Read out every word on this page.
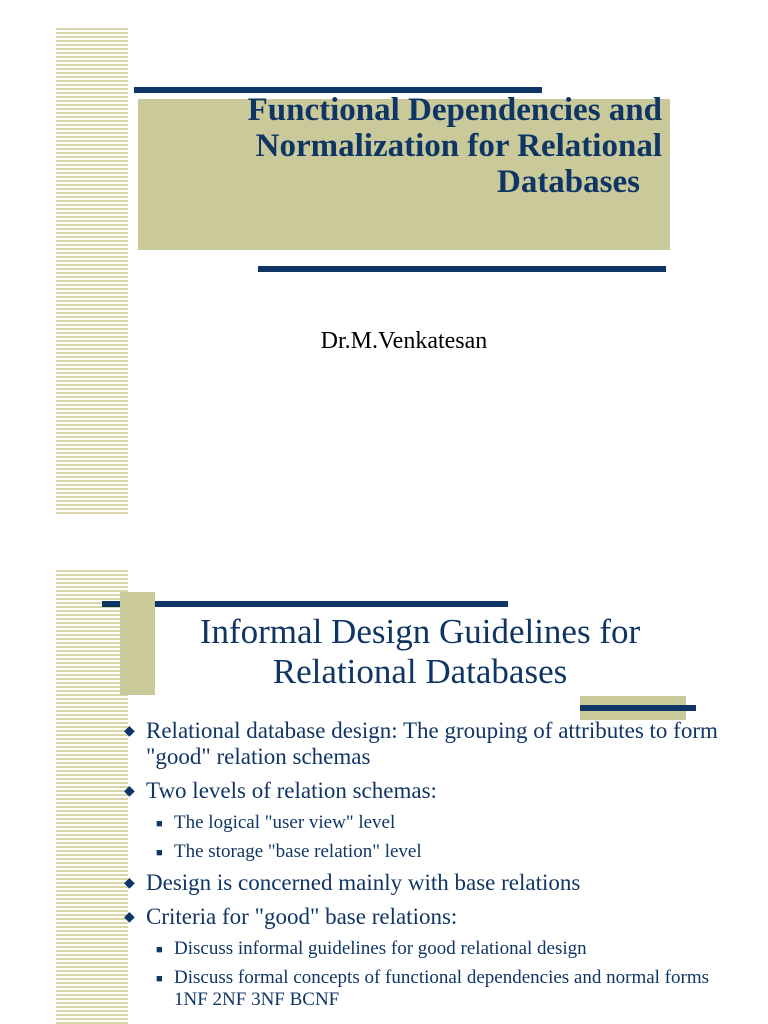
Functional Dependencies and
Normalization for Relational
Databases
Dr.M.Venkatesan
Informal Design Guidelines for
Relational Databases
◆ Relational database design: The grouping of attributes to form "good" relation schemas
◆ Two levels of relation schemas:
■ The logical "user view" level
■ The storage "base relation" level
◆ Design is concerned mainly with base relations
◆ Criteria for "good" base relations:
■ Discuss informal guidelines for good relational design
■ Discuss formal concepts of functional dependencies and normal forms 1NF 2NF 3NF BCNF
